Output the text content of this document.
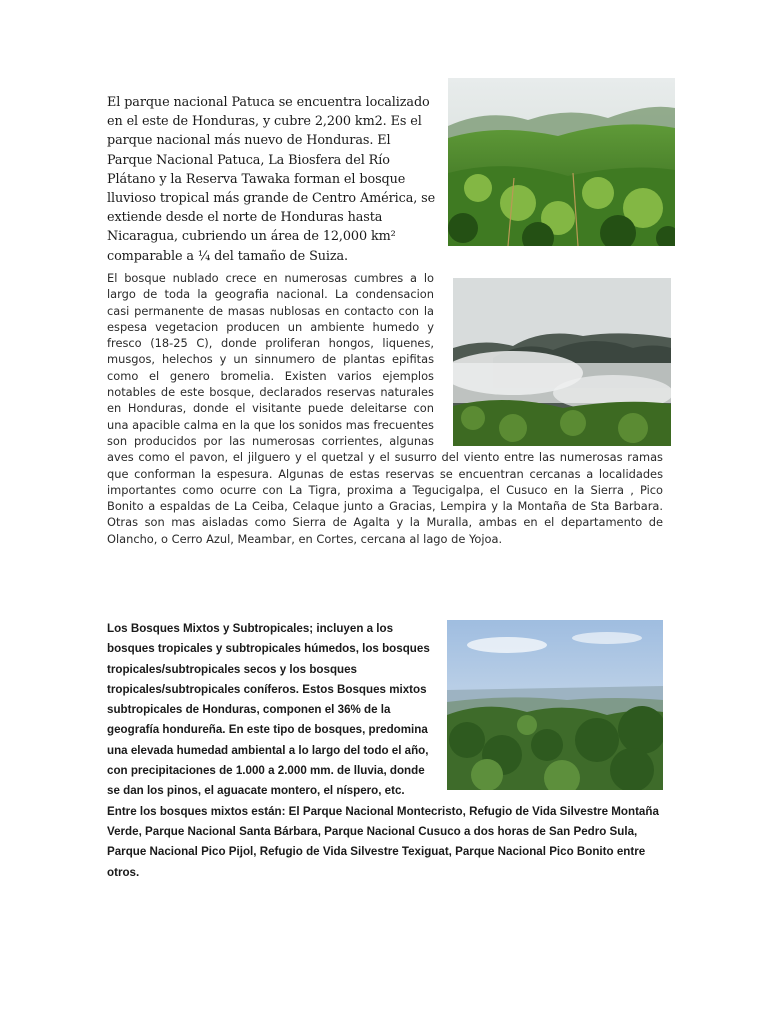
El parque nacional Patuca se encuentra localizado en el este de Honduras, y cubre 2,200 km2. Es el parque nacional más nuevo de Honduras. El Parque Nacional Patuca, La Biosfera del Río Plátano y la Reserva Tawaka forman el bosque lluvioso tropical más grande de Centro América, se extiende desde el norte de Honduras hasta Nicaragua, cubriendo un área de 12,000 km² comparable a ¼ del tamaño de Suiza.

El bosque nublado crece en numerosas cumbres a lo largo de toda la geografia nacional. La condensacion casi permanente de masas nublosas en contacto con la espesa vegetacion producen un ambiente humedo y fresco (18-25 C), donde proliferan hongos, liquenes, musgos, helechos y un sinnumero de plantas epifitas como el genero bromelia. Existen varios ejemplos notables de este bosque, declarados reservas naturales en Honduras, donde el visitante puede deleitarse con una apacible calma en la que los sonidos mas frecuentes son producidos por las numerosas corrientes, algunas aves como el pavon, el jilguero y el quetzal y el susurro del viento entre las numerosas ramas que conforman la espesura. Algunas de estas reservas se encuentran cercanas a localidades importantes como ocurre con La Tigra, proxima a Tegucigalpa, el Cusuco en la Sierra , Pico Bonito a espaldas de La Ceiba, Celaque junto a Gracias, Lempira y la Montaña de Sta Barbara. Otras son mas aisladas como Sierra de Agalta y la Muralla, ambas en el departamento de Olancho, o Cerro Azul, Meambar, en Cortes, cercana al lago de Yojoa.

Los Bosques Mixtos y Subtropicales; incluyen a los bosques tropicales y subtropicales húmedos, los bosques tropicales/subtropicales secos y los bosques tropicales/subtropicales coníferos. Estos Bosques mixtos subtropicales de Honduras, componen el 36% de la geografía hondureña. En este tipo de bosques, predomina una elevada humedad ambiental a lo largo del todo el año, con precipitaciones de 1.000 a 2.000 mm. de lluvia, donde se dan los pinos, el aguacate montero, el níspero, etc. Entre los bosques mixtos están: El Parque Nacional Montecristo, Refugio de Vida Silvestre Montaña Verde, Parque Nacional Santa Bárbara, Parque Nacional Cusuco a dos horas de San Pedro Sula, Parque Nacional Pico Pijol, Refugio de Vida Silvestre Texiguat, Parque Nacional Pico Bonito entre otros.
